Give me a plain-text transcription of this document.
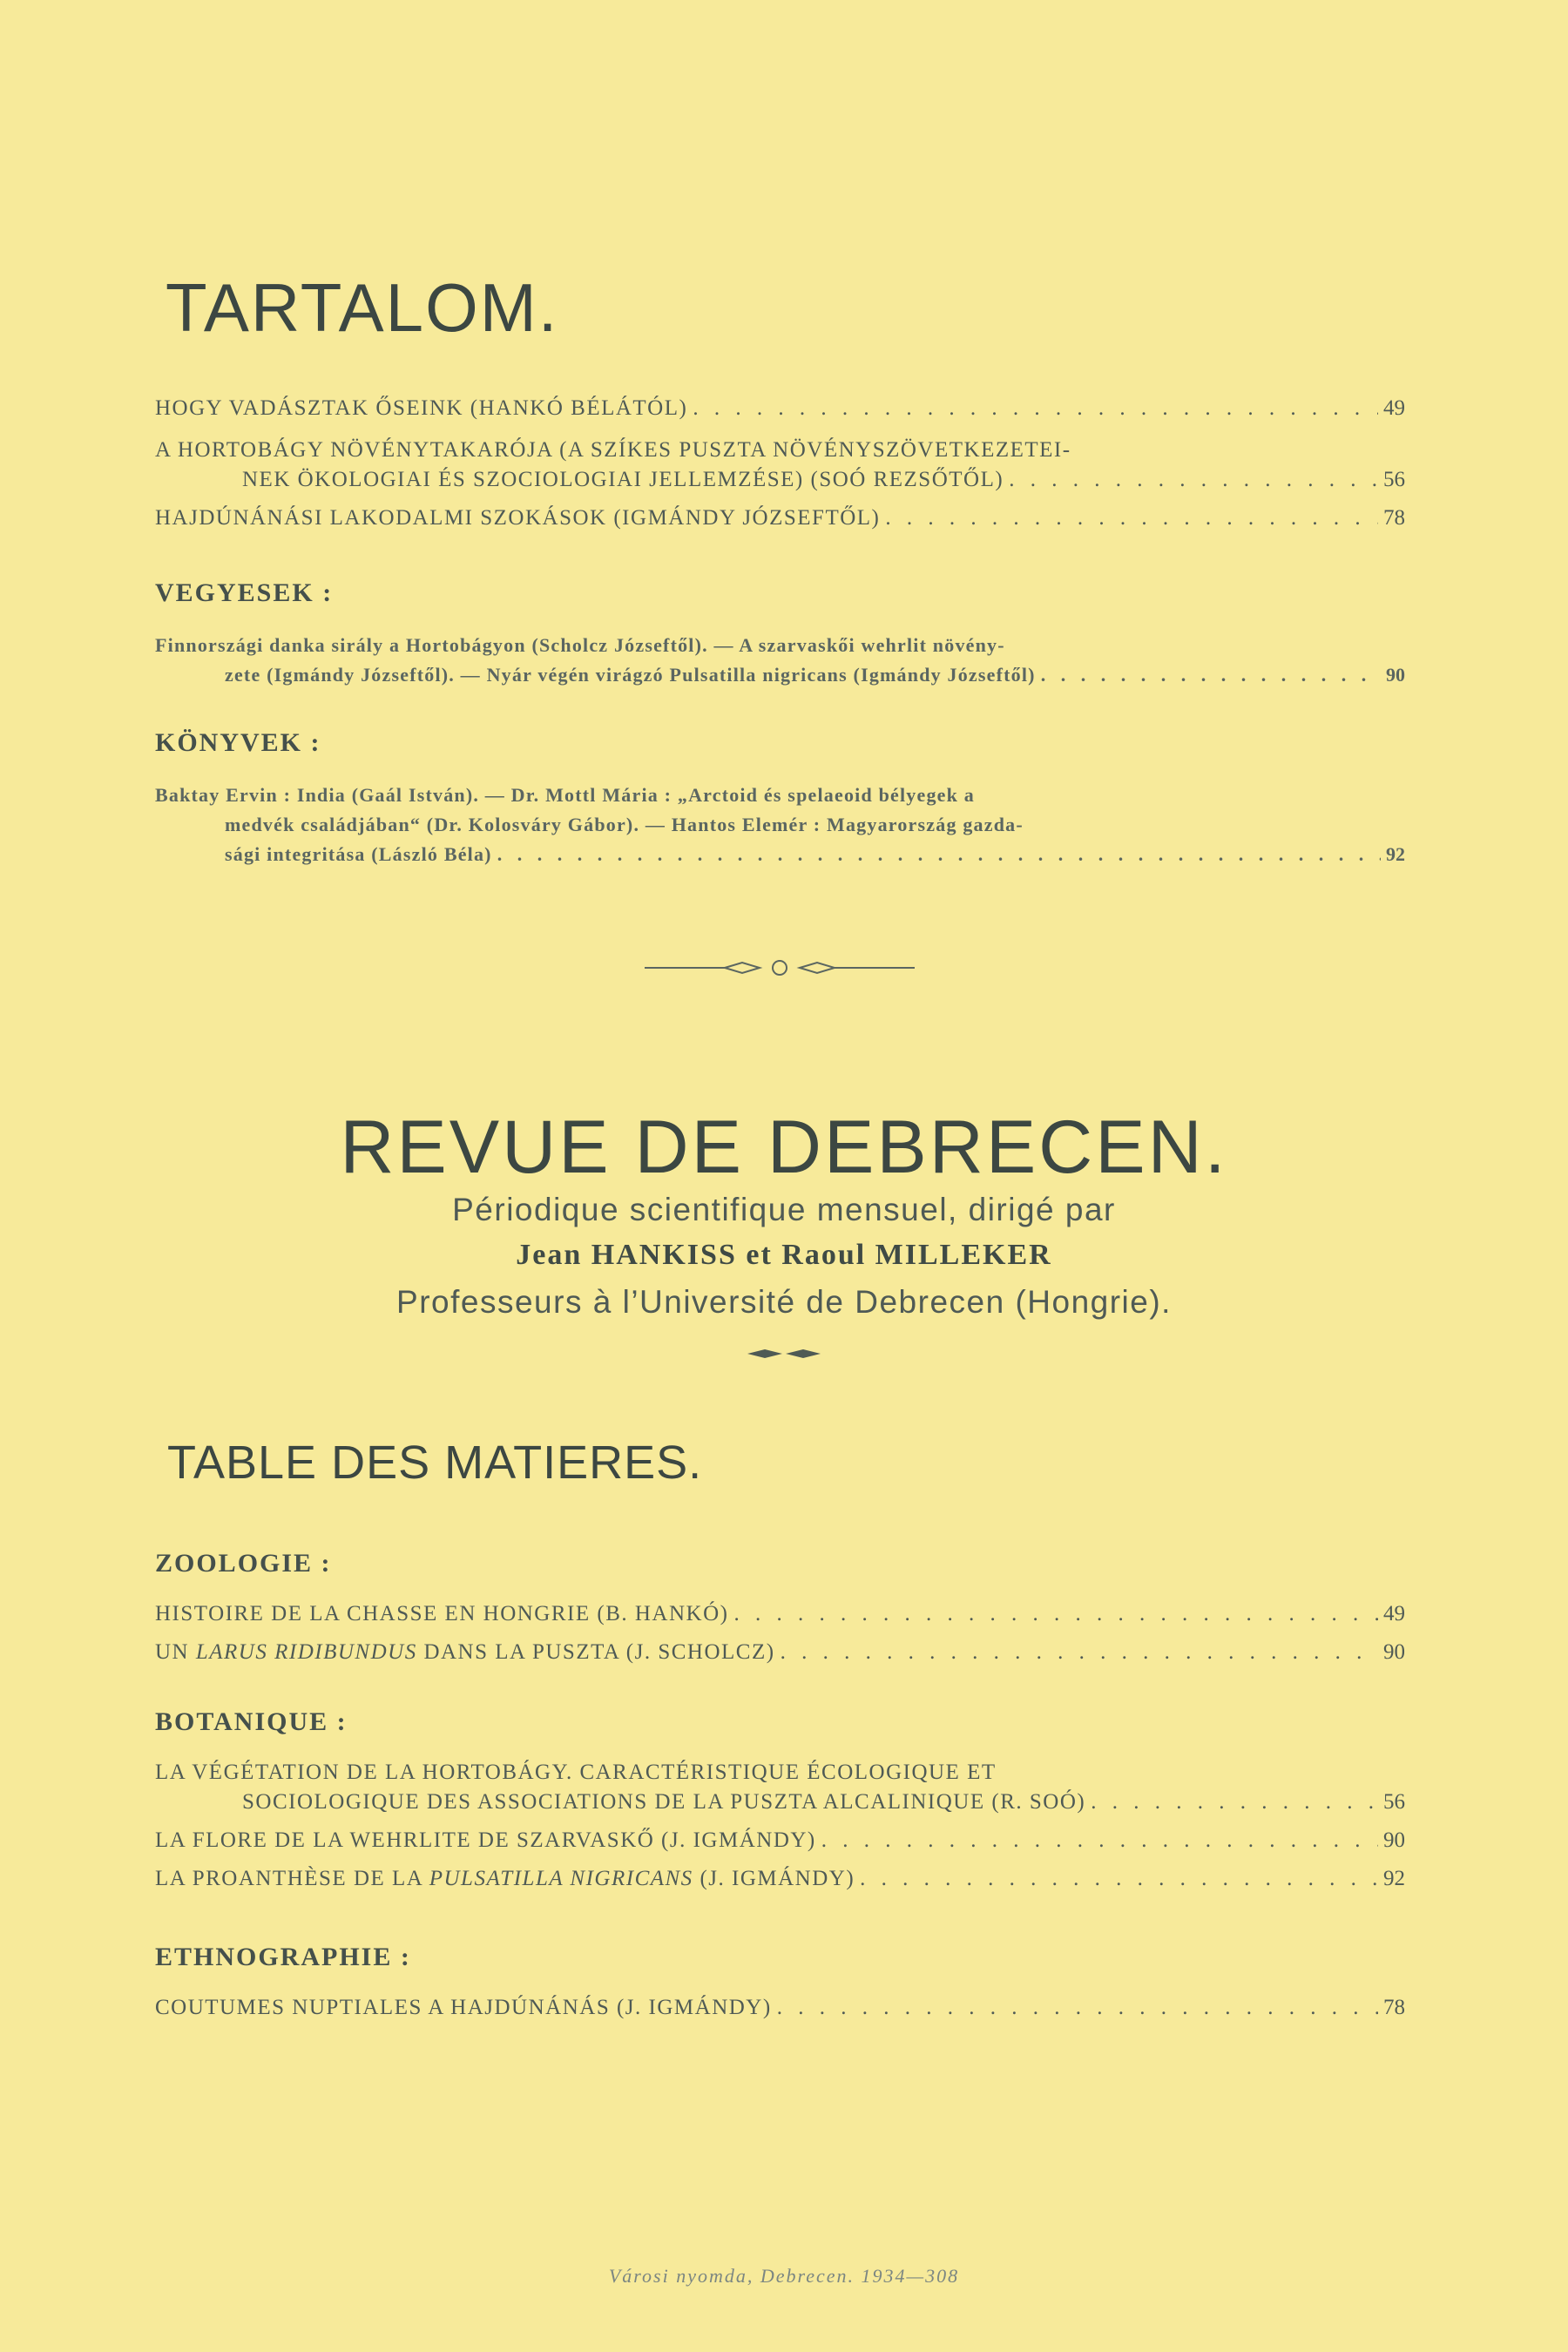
TARTALOM.
HOGY VADÁSZTAK ŐSEINK (HANKÓ BÉLÁTÓL) . . .	49
A HORTOBÁGY NÖVÉNYTAKARÓJA (A SZÍKES PUSZTA NÖVÉNYSZÖVETKEZETEI-
NEK ÖKOLOGIAI ÉS SZOCIOLOGIAI JELLEMZÉSE) (SOÓ REZSŐTŐL) . . .	56
HAJDÚNÁNÁSI LAKODALMI SZOKÁSOK (IGMÁNDY JÓZSEFTŐL) . . .	78
VEGYESEK :
Finnországi danka sirály a Hortobágyon (Scholcz Józseftől). — A szarvaskői wehrlit növény-
zete (Igmándy Józseftől). — Nyár végén virágzó Pulsatilla nigricans (Igmándy Józseftől) . . .	90
KÖNYVEK :
Baktay Ervin : India (Gaál István). — Dr. Mottl Mária : „Arctoid és spelaeoid bélyegek a
medvék családjában“ (Dr. Kolosváry Gábor). — Hantos Elemér : Magyarország gazda-
sági integritása (László Béla) . . .	92
REVUE DE DEBRECEN.
Périodique scientifique mensuel, dirigé par
Jean HANKISS et Raoul MILLEKER
Professeurs à l’Université de Debrecen (Hongrie).
TABLE DES MATIERES.
ZOOLOGIE :
HISTOIRE DE LA CHASSE EN HONGRIE (B. HANKÓ) . . .	49
UN LARUS RIDIBUNDUS DANS LA PUSZTA (J. SCHOLCZ) . . .	90
BOTANIQUE :
LA VÉGÉTATION DE LA HORTOBÁGY. CARACTÉRISTIQUE ÉCOLOGIQUE ET
SOCIOLOGIQUE DES ASSOCIATIONS DE LA PUSZTA ALCALINIQUE (R. SOÓ) . . .	56
LA FLORE DE LA WEHRLITE DE SZARVASKŐ (J. IGMÁNDY) . . .	90
LA PROANTHÈSE DE LA PULSATILLA NIGRICANS (J. IGMÁNDY) . . .	92
ETHNOGRAPHIE :
COUTUMES NUPTIALES A HAJDÚNÁNÁS (J. IGMÁNDY) . . .	78
Városi nyomda, Debrecen. 1934—308
